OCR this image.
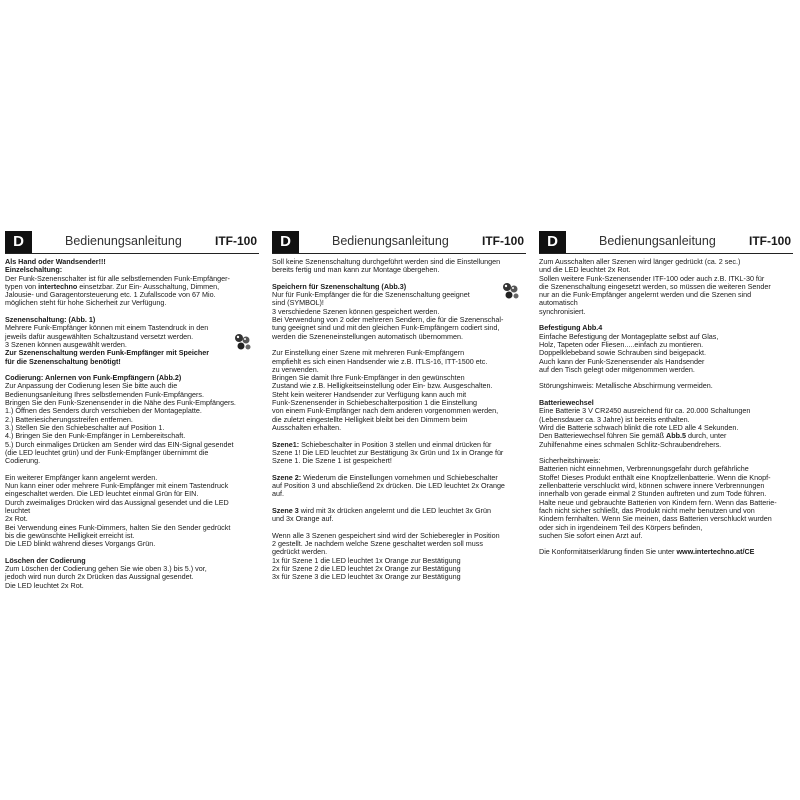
D	Bedienungsanleitung	ITF-100

Als Hand oder Wandsender!!!

Einzelschaltung:

Der Funk-Szenenschalter ist für alle selbstlernenden Funk-Empfänger-

typen von intertechno einsetzbar. Zur Ein- Ausschaltung, Dimmen,

Jalousie- und Garagentorsteuerung etc. 1 Zufallscode von 67 Mio.
möglichen steht für hohe Sicherheit zur Verfügung.

Szenenschaltung: (Abb. 1)

Mehrere Funk-Empfänger können mit einem Tastendruck in den
jeweils dafür ausgewählten Schaltzustand versetzt werden.
3 Szenen können ausgewählt werden.

Zur Szenenschaltung werden Funk-Empfänger mit Speicher
für die Szenenschaltung benötigt!

Codierung: Anlernen von Funk-Empfängern (Abb.2)

Zur Anpassung der Codierung lesen Sie bitte auch die
Bedienungsanleitung Ihres selbstlernenden Funk-Empfängers.
Bringen Sie den Funk-Szenensender in die Nähe des Funk-Empfängers.
1.) Öffnen des Senders durch verschieben der Montageplatte.
2.) Batteriesicherungsstreifen entfernen.
3.) Stellen Sie den Schiebeschalter auf Position 1.
4.) Bringen Sie den Funk-Empfänger in Lernbereitschaft.
5.) Durch einmaliges Drücken am Sender wird das EIN-Signal gesendet
(die LED leuchtet grün) und der Funk-Empfänger übernimmt die
Codierung.

Ein weiterer Empfänger kann angelernt werden.
Nun kann einer oder mehrere Funk-Empfänger mit einem Tastendruck
eingeschaltet werden. Die LED leuchtet einmal Grün für EIN.
Durch zweimaliges Drücken wird das Aussignal gesendet und die LED
leuchtet
2x Rot.
Bei Verwendung eines Funk-Dimmers, halten Sie den Sender gedrückt
bis die gewünschte Helligkeit erreicht ist.
Die LED blinkt während dieses Vorgangs Grün.

Löschen der Codierung

Zum Löschen der Codierung gehen Sie wie oben 3.) bis 5.) vor,
jedoch wird nun durch 2x Drücken das Aussignal gesendet.
Die LED leuchtet 2x Rot.

D	Bedienungsanleitung	ITF-100

Soll keine Szenenschaltung durchgeführt werden sind die Einstellungen
bereits fertig und man kann zur Montage übergehen.

Speichern für Szenenschaltung (Abb.3)

Nur für Funk-Empfänger die für die Szenenschaltung geeignet
sind (SYMBOL)!
3 verschiedene Szenen können gespeichert werden.
Bei Verwendung von 2 oder mehreren Sendern, die für die Szenenschal-
tung geeignet sind und mit den gleichen Funk-Empfängern codiert sind,
werden die Szeneneinstellungen automatisch übernommen.

Zur Einstellung einer Szene mit mehreren Funk-Empfängern
empfiehlt es sich einen Handsender wie z.B. ITLS-16, ITT-1500 etc.
zu verwenden.
Bringen Sie damit Ihre Funk-Empfänger in den gewünschten
Zustand wie z.B. Helligkeitseinstellung oder Ein- bzw. Ausgeschalten.
Steht kein weiterer Handsender zur Verfügung kann auch mit
Funk-Szenensender in Schiebeschalterposition 1 die Einstellung
von einem Funk-Empfänger nach dem anderen vorgenommen werden,
die zuletzt eingestellte Helligkeit bleibt bei den Dimmern beim
Ausschalten erhalten.

Szene1: Schiebeschalter in Position 3 stellen und einmal drücken für
Szene 1! Die LED leuchtet zur Bestätigung 3x Grün und 1x in Orange für
Szene 1. Die Szene 1 ist gespeichert!

Szene 2: Wiederum die Einstellungen vornehmen und Schiebeschalter
auf Position 3 und abschließend 2x drücken. Die LED leuchtet 2x Orange
auf.

Szene 3 wird mit 3x drücken angelernt und die LED leuchtet 3x Grün
und 3x Orange auf.

Wenn alle 3 Szenen gespeichert sind wird der Schieberegler in Position
2 gestellt. Je nachdem welche Szene geschaltet werden soll muss
gedrückt werden.
1x für Szene 1 die LED leuchtet 1x Orange zur Bestätigung
2x für Szene 2 die LED leuchtet 2x Orange zur Bestätigung
3x für Szene 3 die LED leuchtet 3x Orange zur Bestätigung

D	Bedienungsanleitung	ITF-100

Zum Ausschalten aller Szenen wird länger gedrückt (ca. 2 sec.)
und die LED leuchtet 2x Rot.
Sollen weitere Funk-Szenensender ITF-100 oder auch z.B. ITKL-30 für
die Szenenschaltung eingesetzt werden, so müssen die weiteren Sender
nur an die Funk-Empfänger angelernt werden und die Szenen sind
automatisch
synchronisiert.

Befestigung Abb.4

Einfache Befestigung der Montageplatte selbst auf Glas,
Holz, Tapeten oder Fliesen.....einfach zu montieren.
Doppelklebeband sowie Schrauben sind beigepackt.
Auch kann der Funk-Szenensender als Handsender
auf den Tisch gelegt oder mitgenommen werden.

Störungshinweis: Metallische Abschirmung vermeiden.

Batteriewechsel

Eine Batterie 3 V CR2450 ausreichend für ca. 20.000 Schaltungen
(Lebensdauer ca. 3 Jahre) ist bereits enthalten.
Wird die Batterie schwach blinkt die rote LED alle 4 Sekunden.
Den Batteriewechsel führen Sie gemäß Abb.5 durch, unter
Zuhilfenahme eines schmalen Schlitz-Schraubendrehers.

Sicherheitshinweis:
Batterien nicht einnehmen, Verbrennungsgefahr durch gefährliche
Stoffe! Dieses Produkt enthält eine Knopfzellenbatterie. Wenn die Knopf-
zellenbatterie verschluckt wird, können schwere innere Verbrennungen
innerhalb von gerade einmal 2 Stunden auftreten und zum Tode führen.
Halte neue und gebrauchte Batterien von Kindern fern. Wenn das Batterie-
fach nicht sicher schließt, das Produkt nicht mehr benutzen und von
Kindern fernhalten. Wenn Sie meinen, dass Batterien verschluckt wurden
oder sich in irgendeinem Teil des Körpers befinden,
suchen Sie sofort einen Arzt auf.

Die Konformitätserklärung finden Sie unter www.intertechno.at/CE
